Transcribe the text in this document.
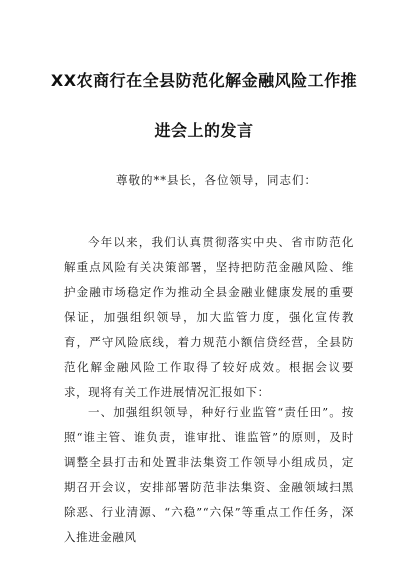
XX农商行在全县防范化解金融风险工作推
进会上的发言
尊敬的**县长，各位领导，同志们：
今年以来，我们认真贯彻落实中央、省市防范化解重点风险有关决策部署，坚持把防范金融风险、维护金融市场稳定作为推动全县金融业健康发展的重要保证，加强组织领导，加大监管力度，强化宣传教育，严守风险底线，着力规范小额信贷经营，全县防范化解金融风险工作取得了较好成效。根据会议要求，现将有关工作进展情况汇报如下：
一、加强组织领导，种好行业监管“责任田”。按照“谁主管、谁负责，谁审批、谁监管”的原则，及时调整全县打击和处置非法集资工作领导小组成员，定期召开会议，安排部署防范非法集资、金融领域扫黑除恶、行业清源、“六稳”“六保”等重点工作任务，深入推进金融风
